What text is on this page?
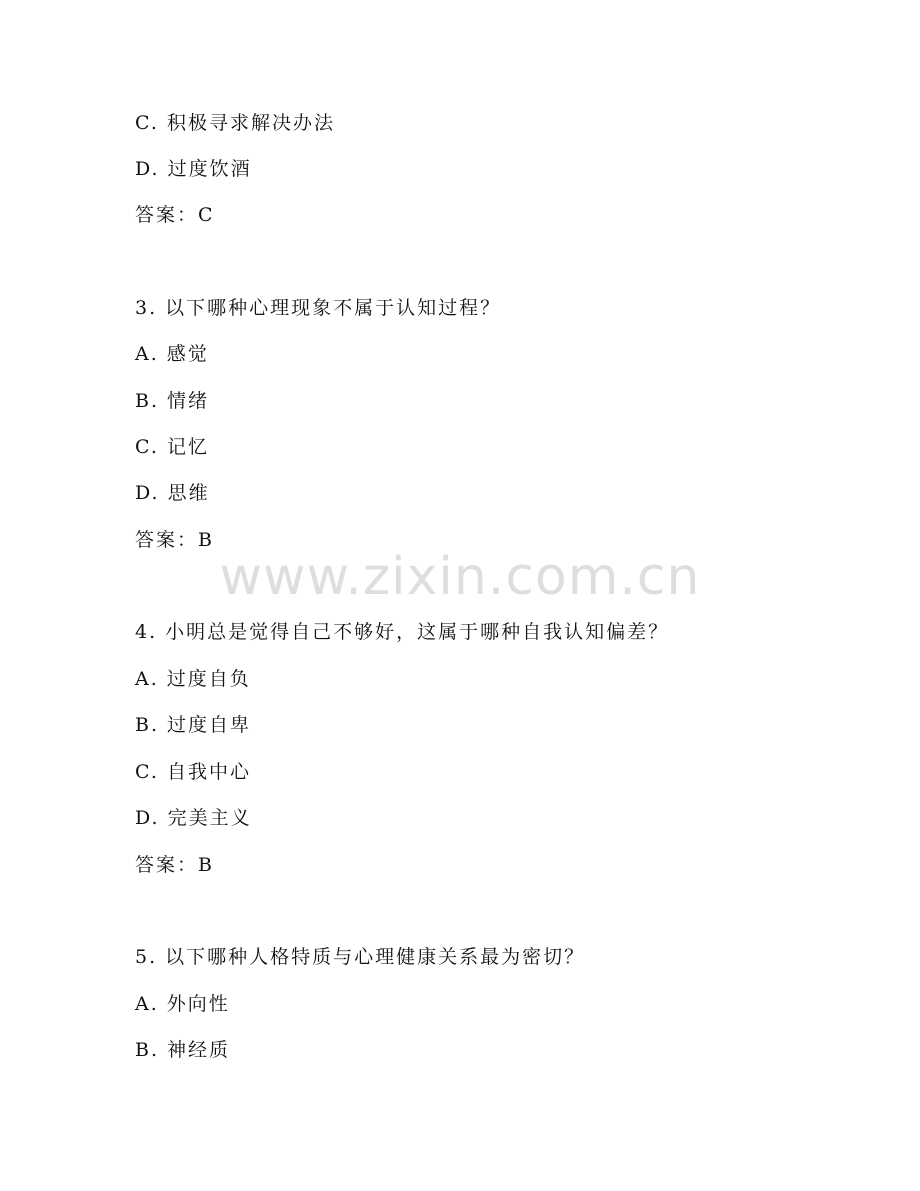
www.zixin.com.cn
C. 积极寻求解决办法
D. 过度饮酒
答案：C
3. 以下哪种心理现象不属于认知过程？
A. 感觉
B. 情绪
C. 记忆
D. 思维
答案：B
4. 小明总是觉得自己不够好，这属于哪种自我认知偏差？
A. 过度自负
B. 过度自卑
C. 自我中心
D. 完美主义
答案：B
5. 以下哪种人格特质与心理健康关系最为密切？
A. 外向性
B. 神经质
